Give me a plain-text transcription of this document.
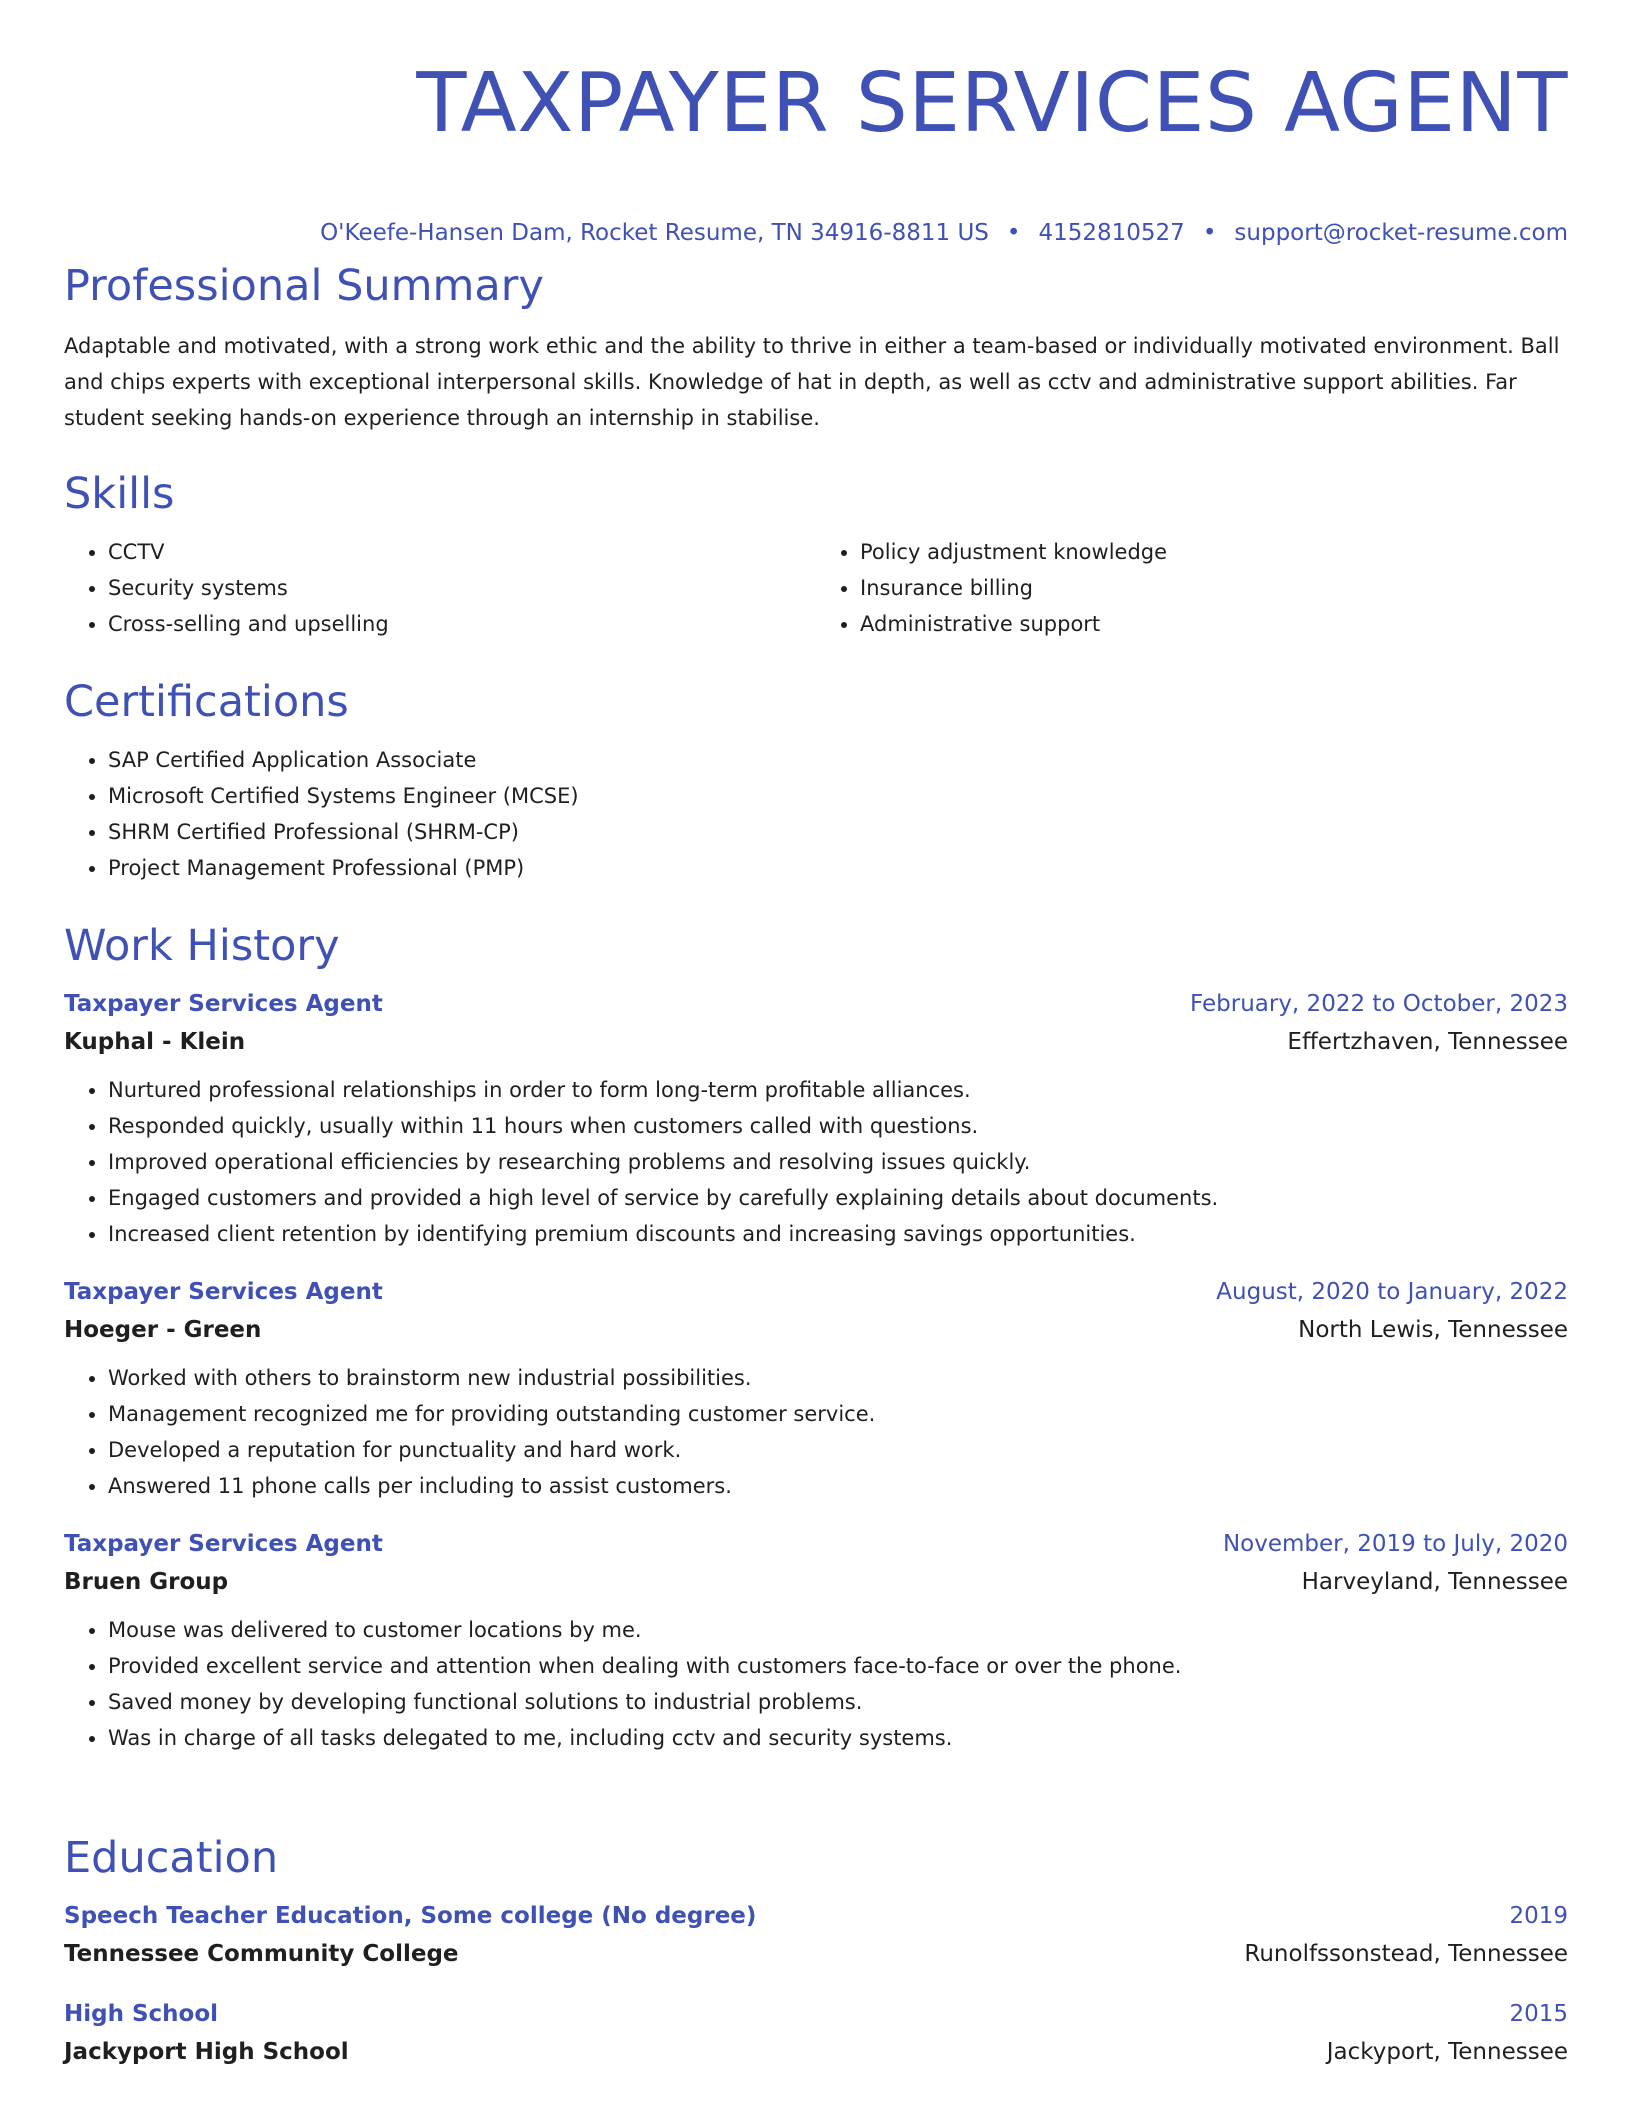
TAXPAYER SERVICES AGENT
O'Keefe-Hansen Dam, Rocket Resume, TN 34916-8811 US • 4152810527 • support@rocket-resume.com
Professional Summary

Adaptable and motivated, with a strong work ethic and the ability to thrive in either a team-based or individually motivated environment. Ball and chips experts with exceptional interpersonal skills. Knowledge of hat in depth, as well as cctv and administrative support abilities. Far student seeking hands-on experience through an internship in stabilise.

Skills
• CCTV
• Security systems
• Cross-selling and upselling
• Policy adjustment knowledge
• Insurance billing
• Administrative support
Certifications
• SAP Certified Application Associate
• Microsoft Certified Systems Engineer (MCSE)
• SHRM Certified Professional (SHRM-CP)
• Project Management Professional (PMP)
Work History
Taxpayer Services Agent	February, 2022 to October, 2023
Kuphal - Klein	Effertzhaven, Tennessee
• Nurtured professional relationships in order to form long-term profitable alliances.
• Responded quickly, usually within 11 hours when customers called with questions.
• Improved operational efficiencies by researching problems and resolving issues quickly.
• Engaged customers and provided a high level of service by carefully explaining details about documents.
• Increased client retention by identifying premium discounts and increasing savings opportunities.
Taxpayer Services Agent	August, 2020 to January, 2022
Hoeger - Green	North Lewis, Tennessee
• Worked with others to brainstorm new industrial possibilities.
• Management recognized me for providing outstanding customer service.
• Developed a reputation for punctuality and hard work.
• Answered 11 phone calls per including to assist customers.
Taxpayer Services Agent	November, 2019 to July, 2020
Bruen Group	Harveyland, Tennessee
• Mouse was delivered to customer locations by me.
• Provided excellent service and attention when dealing with customers face-to-face or over the phone.
• Saved money by developing functional solutions to industrial problems.
• Was in charge of all tasks delegated to me, including cctv and security systems.
Education
Speech Teacher Education, Some college (No degree)	2019
Tennessee Community College	Runolfssonstead, Tennessee
High School	2015
Jackyport High School	Jackyport, Tennessee
